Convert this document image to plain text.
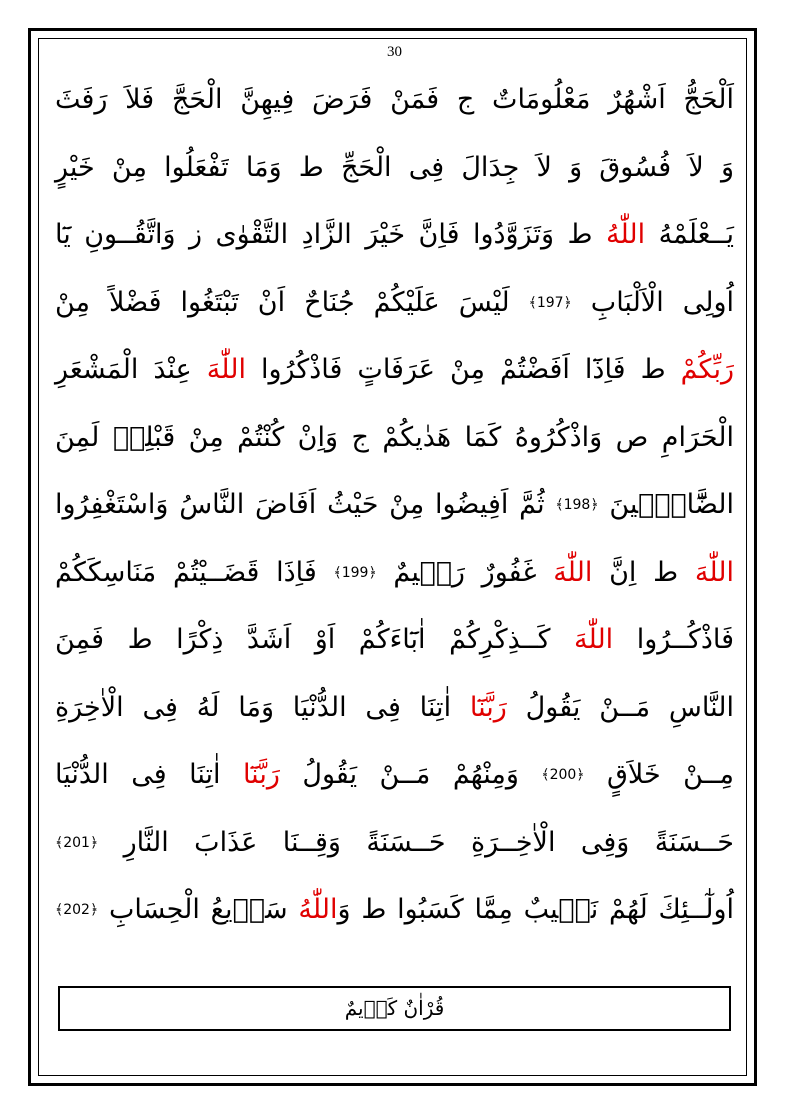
30
اَلْحَجُّ اَشْهُرٌ مَعْلُومَاتٌ ج فَمَنْ فَرَضَ فِيهِنَّ الْحَجَّ فَلاَ رَفَثَ
وَ لاَ فُسُوقَ وَ لاَ جِدَالَ فِى الْحَجِّ ط وَمَا تَفْعَلُوا مِنْ خَيْرٍ
يَــعْلَمْهُ اللّٰهُ ط وَتَزَوَّدُوا فَاِنَّ خَيْرَ الزَّادِ التَّقْوٰى ز وَاتَّقُــونِ يَٓا
اُولِى الْاَلْبَابِ ﴿197﴾ لَيْسَ عَلَيْكُمْ جُنَاحٌ اَنْ تَبْتَغُوا فَضْلاً مِنْ
رَبِّكُمْ ط فَاِذَٓا اَفَضْتُمْ مِنْ عَرَفَاتٍ فَاذْكُرُوا اللّٰهَ عِنْدَ الْمَشْعَرِ
الْحَرَامِ ص وَاذْكُرُوهُ كَمَا هَدٰيكُمْ ج وَاِنْ كُنْتُمْ مِنْ قَبْلِهٖ لَمِنَ
الضَّٓالّٖينَ ﴿198﴾ ثُمَّ اَفِيضُوا مِنْ حَيْثُ اَفَاضَ النَّاسُ وَاسْتَغْفِرُوا
اللّٰهَ ط اِنَّ اللّٰهَ غَفُورٌ رَحٖيمٌ ﴿199﴾ فَاِذَا قَضَــيْتُمْ مَنَاسِكَكُمْ
فَاذْكُــرُوا اللّٰهَ كَــذِكْرِكُمْ اٰبَٓاءَكُمْ اَوْ اَشَدَّ ذِكْرًا ط فَمِنَ
النَّاسِ مَــنْ يَقُولُ رَبَّنَٓا اٰتِنَا فِى الدُّنْيَا وَمَا لَهُ فِى الْاٰخِرَةِ
مِــنْ خَلاَقٍ ﴿200﴾ وَمِنْهُمْ مَــنْ يَقُولُ رَبَّنَٓا اٰتِنَا فِى الدُّنْيَا
حَــسَنَةً وَفِى الْاٰخِــرَةِ حَــسَنَةً وَقِــنَا عَذَابَ النَّارِ ﴿201﴾
اُولٰٓــئِكَ لَهُمْ نَصٖيبٌ مِمَّا كَسَبُوا ط وَاللّٰهُ سَرٖيعُ الْحِسَابِ ﴿202﴾
قُرْاٰنٌ كَرٖيمٌ
